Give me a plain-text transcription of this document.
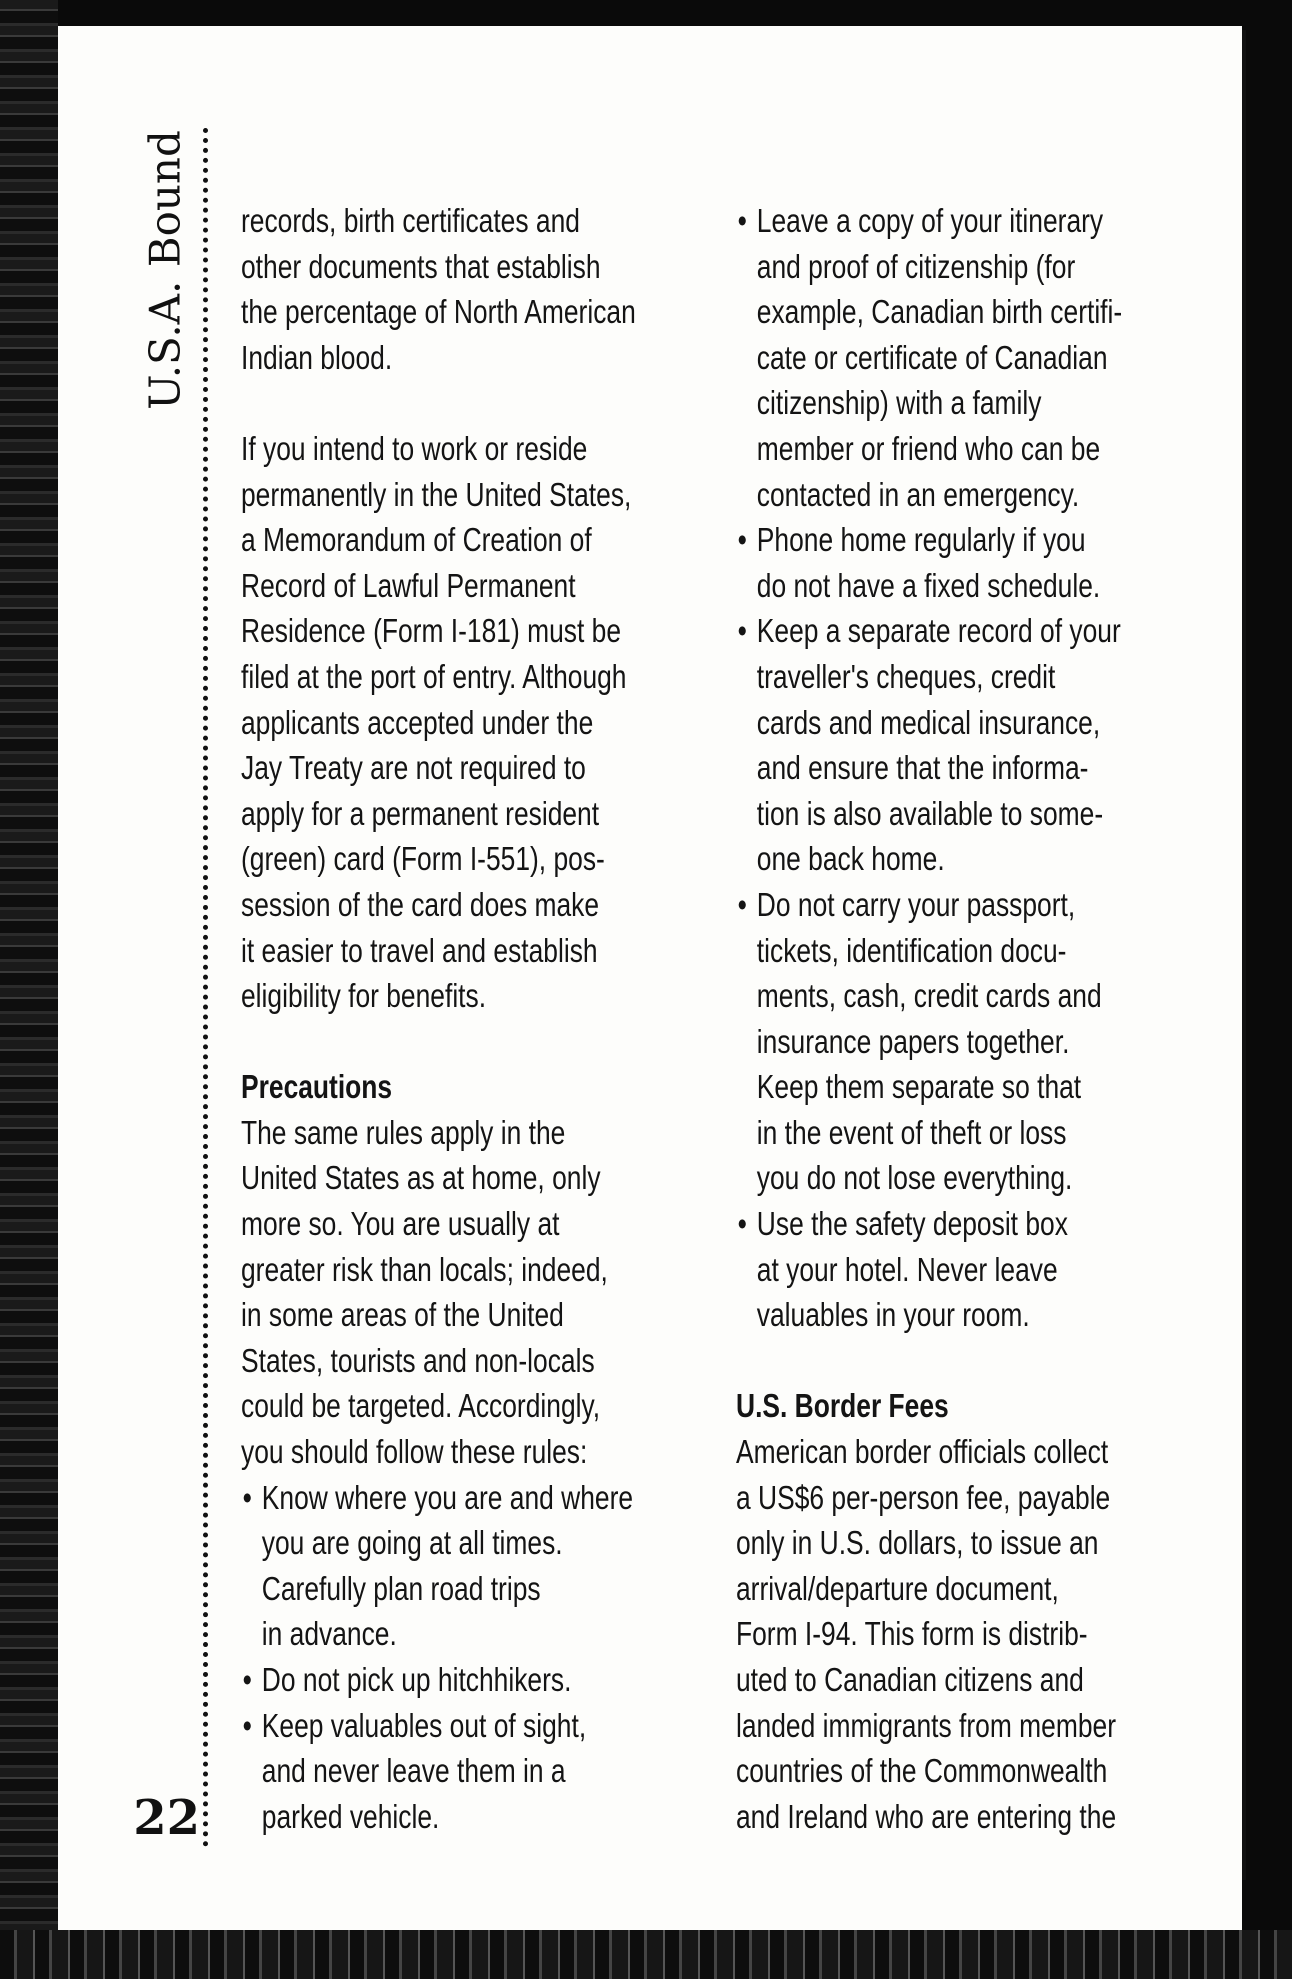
U.S.A. Bound
22

records, birth certificates and

other documents that establish

the percentage of North American

Indian blood.

If you intend to work or reside

permanently in the United States,

a Memorandum of Creation of

Record of Lawful Permanent

Residence (Form I-181) must be

filed at the port of entry. Although

applicants accepted under the

Jay Treaty are not required to

apply for a permanent resident

(green) card (Form I-551), pos-

session of the card does make

it easier to travel and establish

eligibility for benefits.

Precautions

The same rules apply in the

United States as at home, only

more so. You are usually at

greater risk than locals; indeed,

in some areas of the United

States, tourists and non-locals

could be targeted. Accordingly,

you should follow these rules:

• Know where you are and where
you are going at all times.
Carefully plan road trips
in advance.
• Do not pick up hitchhikers.
• Keep valuables out of sight,
and never leave them in a
parked vehicle.
• Leave a copy of your itinerary
and proof of citizenship (for
example, Canadian birth certifi-
cate or certificate of Canadian
citizenship) with a family
member or friend who can be
contacted in an emergency.
• Phone home regularly if you
do not have a fixed schedule.
• Keep a separate record of your
traveller's cheques, credit
cards and medical insurance,
and ensure that the informa-
tion is also available to some-
one back home.
• Do not carry your passport,
tickets, identification docu-
ments, cash, credit cards and
insurance papers together.
Keep them separate so that
in the event of theft or loss
you do not lose everything.
• Use the safety deposit box
at your hotel. Never leave
valuables in your room.

U.S. Border Fees

American border officials collect

a US$6 per-person fee, payable

only in U.S. dollars, to issue an

arrival/departure document,

Form I-94. This form is distrib-

uted to Canadian citizens and

landed immigrants from member

countries of the Commonwealth

and Ireland who are entering the
